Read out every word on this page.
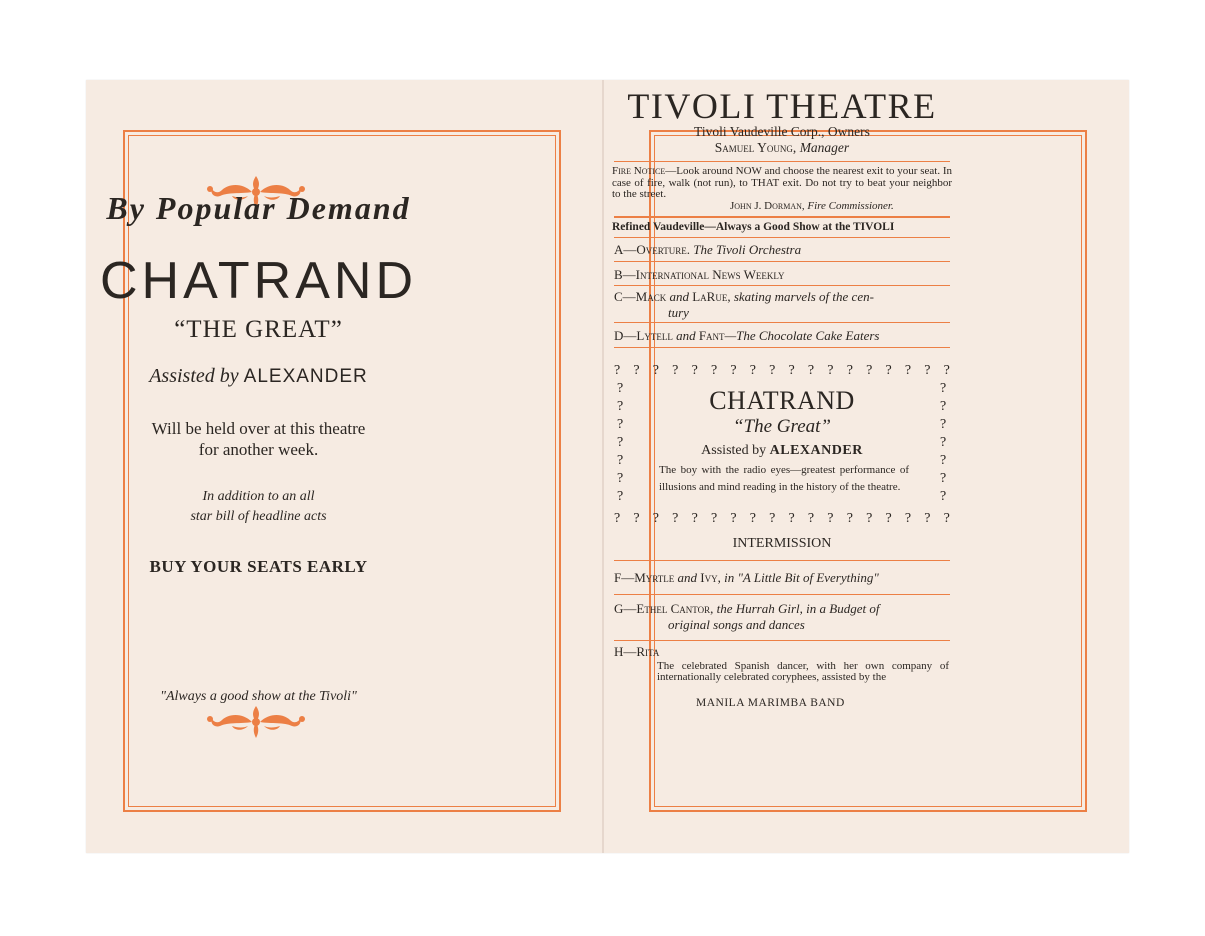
By Popular Demand
CHATRAND
“THE GREAT”
Assisted by ALEXANDER
Will be held over at this theatre
for another week.
In addition to an all
star bill of headline acts
BUY YOUR SEATS EARLY
"Always a good show at the Tivoli"
TIVOLI THEATRE
Tivoli Vaudeville Corp., Owners
Samuel Young, Manager
Fire Notice—Look around NOW and choose the nearest exit to your seat. In case of fire, walk (not run), to THAT exit. Do not try to beat your neighbor to the street.
John J. Dorman, Fire Commissioner.
Refined Vaudeville—Always a Good Show at the TIVOLI
A—Overture. The Tivoli Orchestra
B—International News Weekly
C—Mack and LaRue, skating marvels of the cen-
tury
D—Lytell and Fant—The Chocolate Cake Eaters
? ? ? ? ? ? ? ? ? ? ? ? ? ? ? ? ? ?
?
?
?
?
?
?
?
?
?
?
?
?
?
?
? ? ? ? ? ? ? ? ? ? ? ? ? ? ? ? ? ?
CHATRAND
“The Great”
Assisted by ALEXANDER
The boy with the radio eyes—greatest performance of illusions and mind reading in the history of the theatre.
INTERMISSION
F—Myrtle and Ivy, in "A Little Bit of Everything"
G—Ethel Cantor, the Hurrah Girl, in a Budget of
original songs and dances
H—Rita
The celebrated Spanish dancer, with her own company of internationally celebrated coryphees, assisted by the
MANILA MARIMBA BAND
